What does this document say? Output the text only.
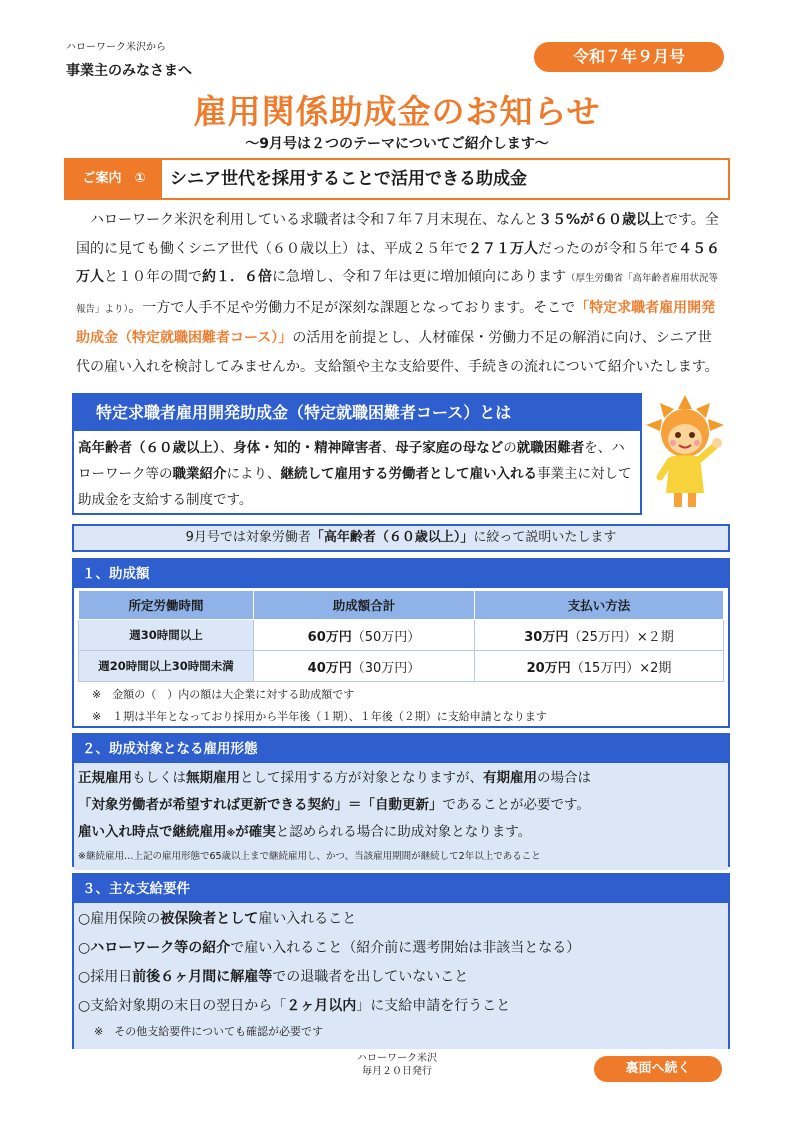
ハローワーク米沢から
事業主のみなさまへ
令和７年９月号
雇用関係助成金のお知らせ
～9月号は２つのテーマについてご紹介します～
ご案内　①	シニア世代を採用することで活用できる助成金
ハローワーク米沢を利用している求職者は令和７年７月末現在、なんと３５%が６０歳以上です。全国的に見ても働くシニア世代（６０歳以上）は、平成２５年で２７１万人だったのが令和５年で４５６万人と１０年の間で約１．６倍に急増し、令和７年は更に増加傾向にあります（厚生労働省「高年齢者雇用状況等報告」より）。一方で人手不足や労働力不足が深刻な課題となっております。そこで「特定求職者雇用開発助成金（特定就職困難者コース）」の活用を前提とし、人材確保・労働力不足の解消に向け、シニア世代の雇い入れを検討してみませんか。支給額や主な支給要件、手続きの流れについて紹介いたします。
特定求職者雇用開発助成金（特定就職困難者コース）とは
高年齢者（６０歳以上）、身体・知的・精神障害者、母子家庭の母などの就職困難者を、ハローワーク等の職業紹介により、継続して雇用する労働者として雇い入れる事業主に対して助成金を支給する制度です。
9月号では対象労働者「高年齢者（６０歳以上）」に絞って説明いたします
１、助成額
所定労働時間	助成額合計	支払い方法
週30時間以上	60万円（50万円）	30万円（25万円）×２期
週20時間以上30時間未満	40万円（30万円）	20万円（15万円）×2期
※　金額の（　）内の額は大企業に対する助成額です
※　１期は半年となっており採用から半年後（１期）、１年後（２期）に支給申請となります
２、助成対象となる雇用形態
正規雇用もしくは無期雇用として採用する方が対象となりますが、有期雇用の場合は
「対象労働者が希望すれば更新できる契約」＝「自動更新」であることが必要です。
雇い入れ時点で継続雇用※が確実と認められる場合に助成対象となります。
※継続雇用…上記の雇用形態で65歳以上まで継続雇用し、かつ、当該雇用期間が継続して2年以上であること
３、主な支給要件
○雇用保険の被保険者として雇い入れること
○ハローワーク等の紹介で雇い入れること（紹介前に選考開始は非該当となる）
○採用日前後６ヶ月間に解雇等での退職者を出していないこと
○支給対象期の末日の翌日から「２ヶ月以内」に支給申請を行うこと
※　その他支給要件についても確認が必要です
ハローワーク米沢
毎月２０日発行	裏面へ続く
